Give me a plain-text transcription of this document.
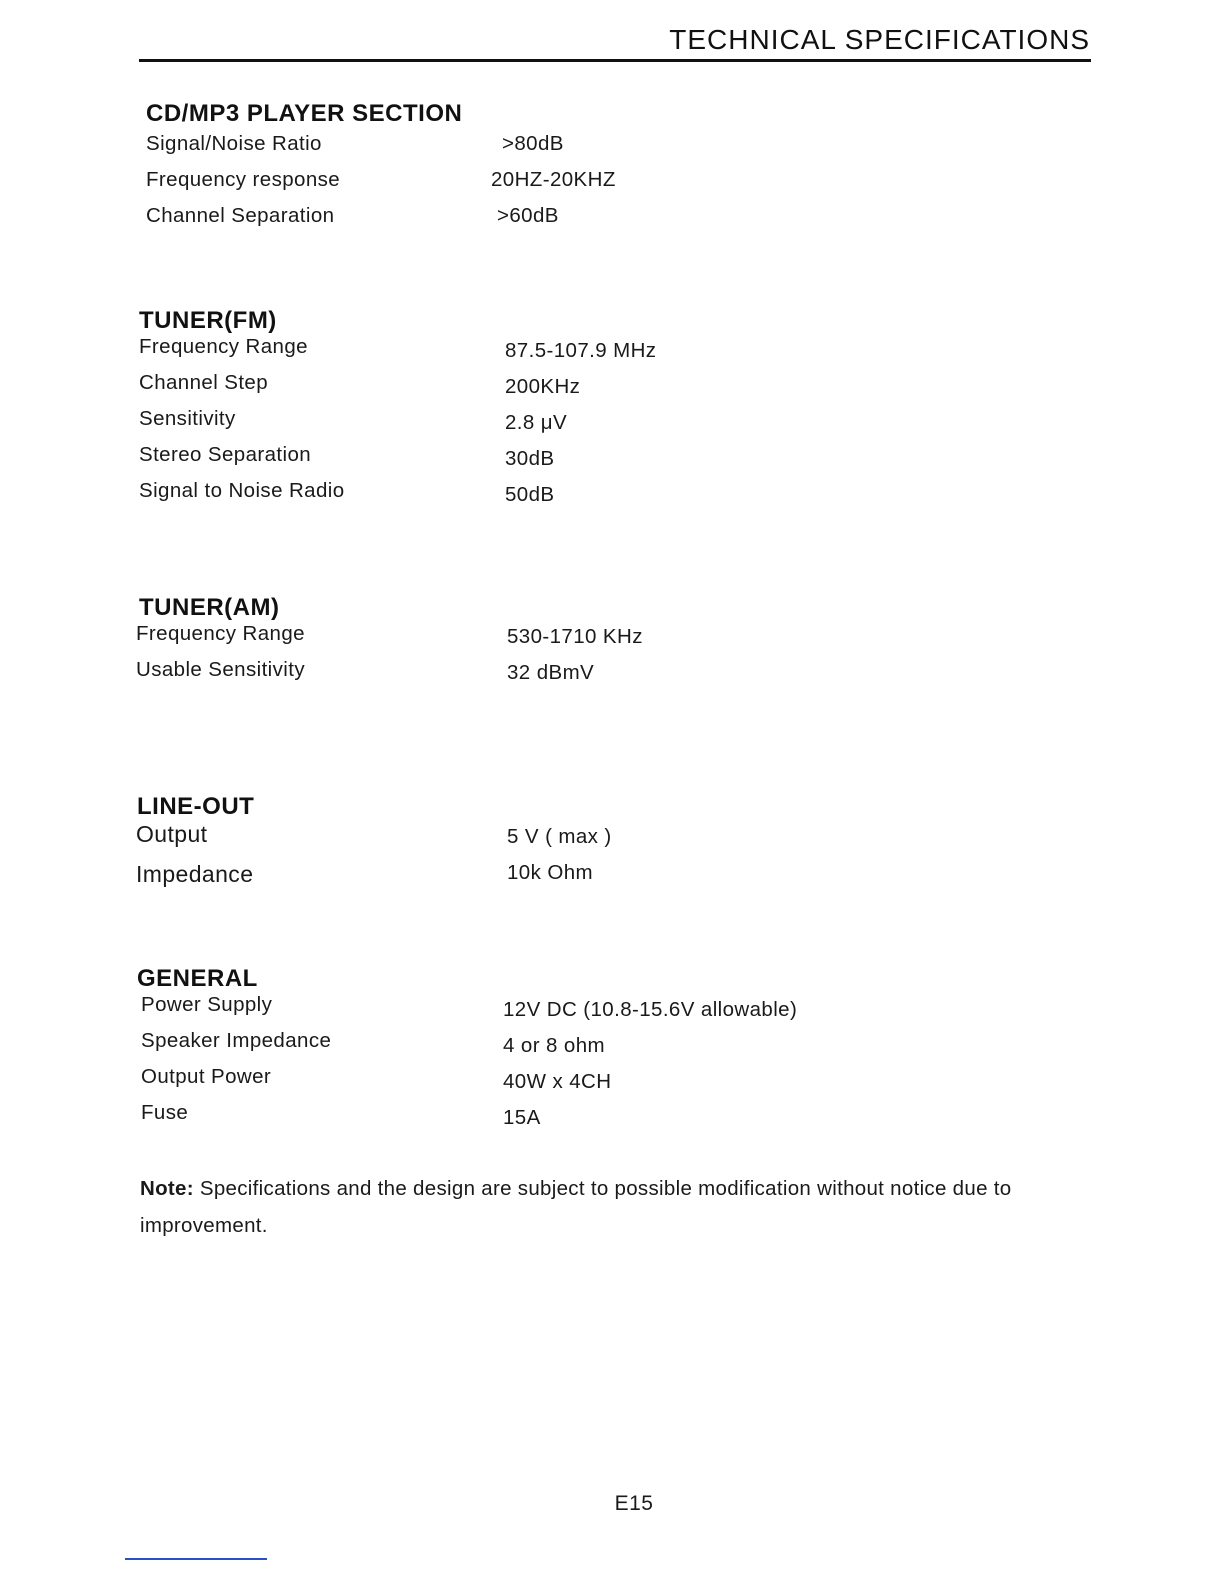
TECHNICAL SPECIFICATIONS
CD/MP3 PLAYER SECTION
Signal/Noise Ratio	>80dB
Frequency response	20HZ-20KHZ
Channel Separation	>60dB
TUNER(FM)
Frequency Range	87.5-107.9 MHz
Channel Step	200KHz
Sensitivity	2.8 μV
Stereo Separation	30dB
Signal to Noise Radio	50dB
TUNER(AM)
Frequency Range	530-1710 KHz
Usable Sensitivity	32 dBmV
LINE-OUT
Output	5 V ( max )
Impedance	10k Ohm
GENERAL
Power Supply	12V DC (10.8-15.6V allowable)
Speaker Impedance	4 or 8 ohm
Output Power	40W x 4CH
Fuse	15A
Note: Specifications and the design are subject to possible modification without notice due to improvement.
E15
